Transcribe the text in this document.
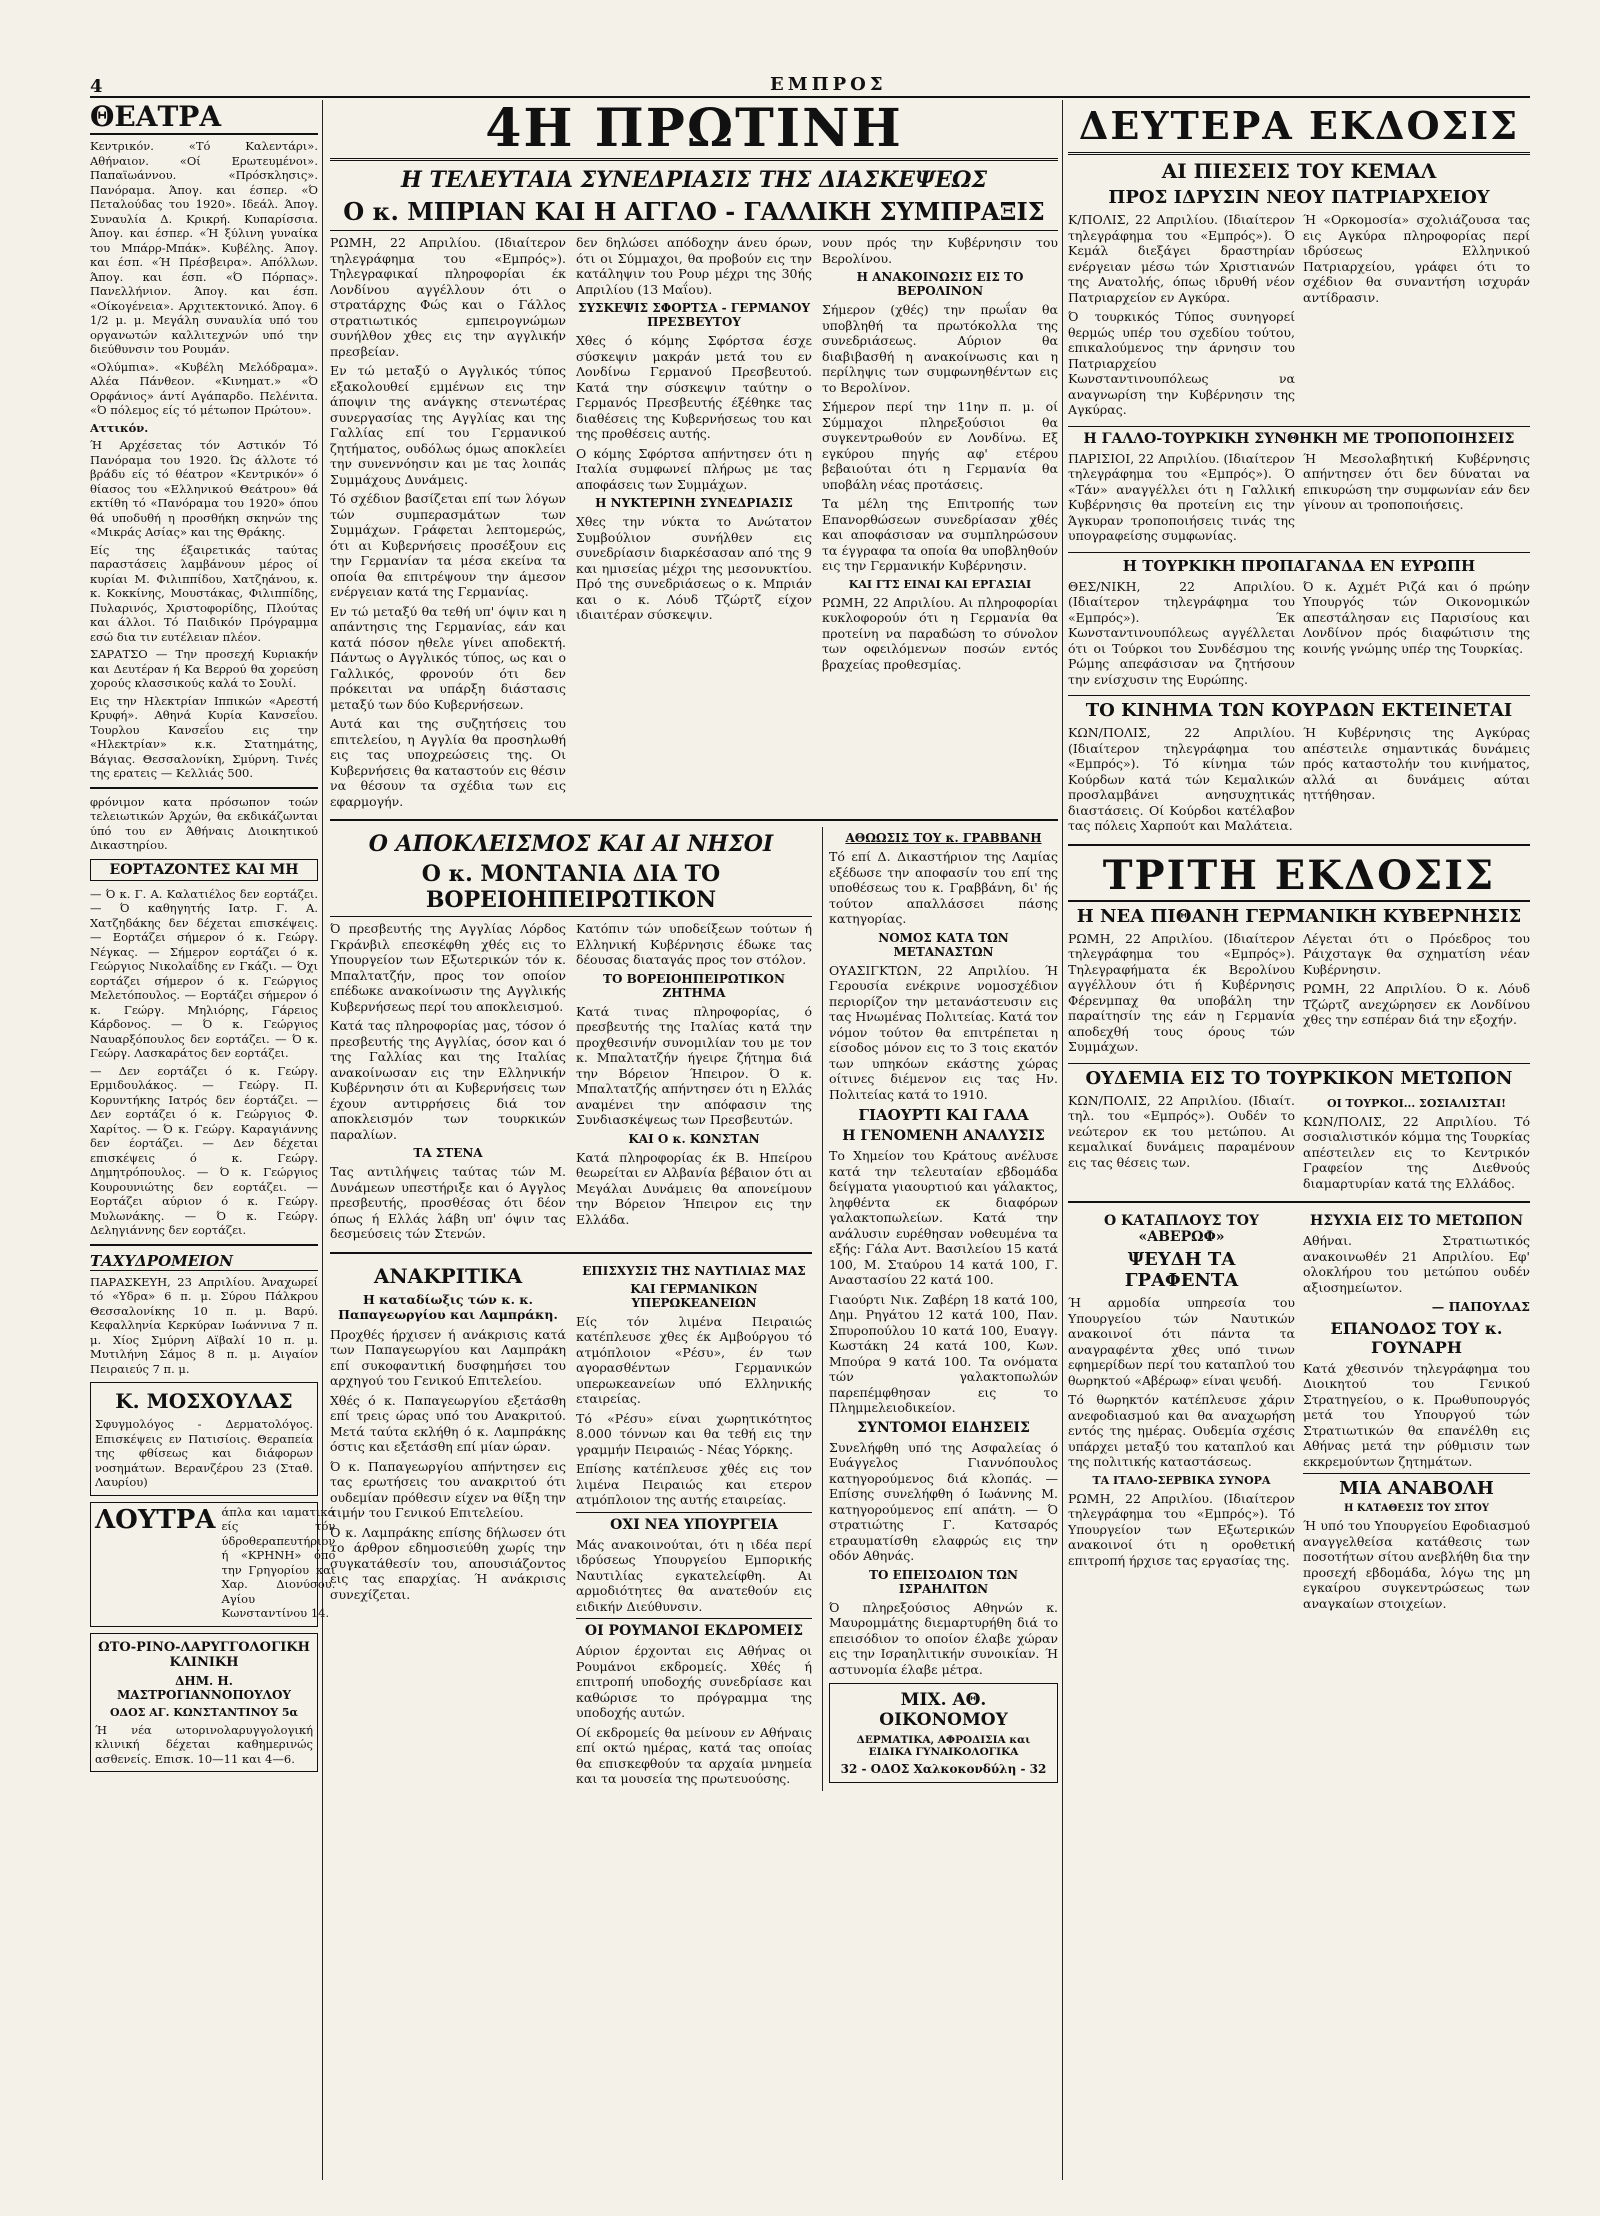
4	ΕΜΠΡΟΣ
ΘΕΑΤΡΑ

Κεντρικόν. «Τό Καλεντάρι». Αθήναιον. «Οί Ερωτευμένοι». Παπαϊωάννου. «Πρόσκλησις». Πανόραμα. Άπογ. και έσπερ. «Ό Πεταλούδας του 1920». Ιδεάλ. Άπογ. Συναυλία Δ. Κρικρή. Κυπαρίσσια. Άπογ. και έσπερ. «Ή ξύλινη γυναίκα του Μπάρρ-Μπάκ». Κυβέλης. Άπογ. και έσπ. «Ή Πρέσβειρα». Απόλλων. Άπογ. και έσπ. «Ό Πόρπας». Πανελλήνιον. Άπογ. και έσπ. «Οίκογένεια». Αρχιτεκτονικό. Άπογ. 6 1/2 μ. μ. Μεγάλη συναυλία υπό του οργανωτών καλλιτεχνών υπό την διεύθυνσιν του Ρουμάν.

«Ολύμπια». «Κυβέλη Μελόδραμα». Αλέα Πάνθεον. «Κινηματ.» «Ό Ορφάνιος» άντί Αγάπαρδο. Πελένιτα. «Ό πόλεμος είς τό μέτωπον Πρώτου».

Αττικόν.

Ή Αρχέσετας τόν Αστικόν Τό Πανόραμα του 1920. Ώς άλλοτε τό βράδυ είς τό θέατρον «Κεντρικόν» ό θίασος του «Ελληνικού Θεάτρου» θά εκτίθη τό «Πανόραμα του 1920» όπου θά υποδυθή η προσθήκη σκηνών της «Μικράς Ασίας» και της Θράκης.

Είς της έξαιρετικάς ταύτας παραστάσεις λαμβάνουν μέρος οί κυρίαι Μ. Φιλιππίδου, Χατζηάνου, κ. κ. Κοκκίνης, Μουστάκας, Φιλιππίδης, Πυλαρινός, Χριστοφορίδης, Πλούτας και άλλοι. Τό Παιδικόν Πρόγραμμα εσώ δια τιν ευτέλειαν πλέον.

ΣΑΡΑΤΣΟ — Την προσεχή Κυριακήν και Δευτέραν ή Κα Βερρού θα χορεύση χορούς κλασσικούς καλά το Σουλί.

Εις την Ηλεκτρίαν Ιππικών «Αρεστή Κρυφή». Αθηνά Κυρία Κανσεΐου. Τουρλου Κανσεΐου εις την «Ηλεκτρίαν» κ.κ. Στατημάτης, Βάγιας. Θεσσαλονίκη, Σμύρνη. Τινές της ερατεις — Κελλιάς 500.

φρόνιμον κατα πρόσωπον τοών τελειωτικών Άρχών, θα εκδικάζωνται ύπό του εν Άθήναις Διοικητικού Δικαστηρίου.

ΕΟΡΤΑΖΟΝΤΕΣ ΚΑΙ ΜΗ

— Ό κ. Γ. Α. Καλατιέλος δεν εορτάζει. — Ό καθηγητής Ιατρ. Γ. Α. Χατζηδάκης δεν δέχεται επισκέψεις. — Εορτάζει σήμερον ό κ. Γεώργ. Νέγκας. — Σήμερον εορτάζει ό κ. Γεώργιος Νικολαΐδης εν Γκάζι. — Όχι εορτάζει σήμερον ό κ. Γεώργιος Μελετόπουλος. — Εορτάζει σήμερον ό κ. Γεώργ. Μηλιόρης, Γάρειος Κάρδονος. — Ό κ. Γεώργιος Ναυαρξόπουλος δεν εορτάζει. — Ό κ. Γεώργ. Λασκαράτος δεν εορτάζει.

— Δεν εορτάζει ό κ. Γεώργ. Ερμιδουλάκος. — Γεώργ. Π. Κορυντήκης Ιατρός δεν έορτάζει. — Δεν εορτάζει ό κ. Γεώργιος Φ. Χαρίτος. — Ό κ. Γεώργ. Καραγιάννης δεν έορτάζει. — Δεν δέχεται επισκέψεις ό κ. Γεώργ. Δημητρόπουλος. — Ό κ. Γεώργιος Κουρουνιώτης δεν εορτάζει. — Εορτάζει αύριον ό κ. Γεώργ. Μυλωνάκης. — Ό κ. Γεώργ. Δεληγιάννης δεν εορτάζει.

ΤΑΧΥΔΡΟΜΕΙΟΝ

ΠΑΡΑΣΚΕΥΗ, 23 Απριλίου. Άναχωρεί τό «Υδρα» 6 π. μ. Σύρου Πάλκρου Θεσσαλονίκης 10 π. μ. Βαρύ. Κεφαλληνία Κερκύραν Ιωάννινα 7 π. μ. Χίος Σμύρνη Αϊβαλί 10 π. μ. Μυτιλήνη Σάμος 8 π. μ. Αιγαίον Πειραιεύς 7 π. μ.

Κ. ΜΟΣΧΟΥΛΑΣ

Σφυγμολόγος - Δερματολόγος. Επισκέψεις εν Πατισίοις. Θεραπεία της φθίσεως και διάφορων νοσημάτων. Βερανζέρου 23 (Σταθ. Λαυρίου)

ΛΟΥΤΡΑ άπλα και ιαματικά είς τόν ύδροθεραπευτήριον ή «ΚΡΗΝΗ» όπό την Γρηγορίου και Χαρ. Διονύσου. Αγίου Κωνσταντίνου 14.

ΩΤΟ-ΡΙΝΟ-ΛΑΡΥΓΓΟΛΟΓΙΚΗ ΚΛΙΝΙΚΗ
ΔΗΜ. Η. ΜΑΣΤΡΟΓΙΑΝΝΟΠΟΥΛΟΥ
ΟΔΟΣ ΑΓ. ΚΩΝΣΤΑΝΤΙΝΟΥ 5α

Ή νέα ωτορινολαρυγγολογική κλινική δέχεται καθημερινώς ασθενείς. Επισκ. 10—11 και 4—6.

4Η ΠΡΩΤΙΝΗ
Η ΤΕΛΕΥΤΑΙΑ ΣΥΝΕΔΡΙΑΣΙΣ ΤΗΣ ΔΙΑΣΚΕΨΕΩΣ
Ο κ. ΜΠΡΙΑΝ ΚΑΙ Η ΑΓΓΛΟ - ΓΑΛΛΙΚΗ ΣΥΜΠΡΑΞΙΣ

ΡΩΜΗ, 22 Απριλίου. (Ιδιαίτερον τηλεγράφημα του «Εμπρός»). Τηλεγραφικαί πληροφορίαι έκ Λονδίνου αγγέλλουν ότι ο στρατάρχης Φώς και ο Γάλλος στρατιωτικός εμπειρογνώμων συνήλθον χθες εις την αγγλικήν πρεσβείαν.

Εν τώ μεταξύ ο Αγγλικός τύπος εξακολουθεί εμμένων εις την άποψιν της ανάγκης στενωτέρας συνεργασίας της Αγγλίας και της Γαλλίας επί του Γερμανικού ζητήματος, ουδόλως όμως αποκλείει την συνεννόησιν και με τας λοιπάς Συμμάχους Δυνάμεις.

Τό σχέδιον βασίζεται επί των λόγων τών συμπερασμάτων των Συμμάχων. Γράφεται λεπτομερώς, ότι αι Κυβερνήσεις προσέξουν εις την Γερμανίαν τα μέσα εκείνα τα οποία θα επιτρέψουν την άμεσον ενέργειαν κατά της Γερμανίας.

Εν τώ μεταξύ θα τεθή υπ' όψιν και η απάντησις της Γερμανίας, εάν και κατά πόσον ηθελε γίνει αποδεκτή. Πάντως ο Αγγλικός τύπος, ως και ο Γαλλικός, φρονούν ότι δεν πρόκειται να υπάρξη διάστασις μεταξύ των δύο Κυβερνήσεων.

Αυτά και της συζητήσεις του επιτελείου, η Αγγλία θα προσηλωθή εις τας υποχρεώσεις της. Οι Κυβερνήσεις θα καταστούν εις θέσιν να θέσουν τα σχέδια των εις εφαρμογήν.

δεν δηλώσει απόδοχην άνευ όρων, ότι οι Σύμμαχοι, θα προβούν εις την κατάληψιν του Ρουρ μέχρι της 30ής Απριλίου (13 Μαΐου).

ΣΥΣΚΕΨΙΣ ΣΦΟΡΤΣΑ - ΓΕΡΜΑΝΟΥ ΠΡΕΣΒΕΥΤΟΥ

Χθες ό κόμης Σφόρτσα έσχε σύσκεψιν μακράν μετά του εν Λονδίνω Γερμανού Πρεσβευτού. Κατά την σύσκεψιν ταύτην ο Γερμανός Πρεσβευτής έξέθηκε τας διαθέσεις της Κυβερνήσεως του και της προθέσεις αυτής.

Ο κόμης Σφόρτσα απήντησεν ότι η Ιταλία συμφωνεί πλήρως με τας αποφάσεις των Συμμάχων.

Η ΝΥΚΤΕΡΙΝΗ ΣΥΝΕΔΡΙΑΣΙΣ

Χθες την νύκτα το Ανώτατον Συμβούλιον συνήλθεν εις συνεδρίασιν διαρκέσασαν από της 9 και ημισείας μέχρι της μεσονυκτίου. Πρό της συνεδριάσεως ο κ. Μπριάν και ο κ. Λόυδ Τζώρτζ είχον ιδιαιτέραν σύσκεψιν.

νουν πρός την Κυβέρνησιν του Βερολίνου.

Η ΑΝΑΚΟΙΝΩΣΙΣ ΕΙΣ ΤΟ ΒΕΡΟΛΙΝΟΝ

Σήμερον (χθές) την πρωΐαν θα υποβληθή τα πρωτόκολλα της συνεδριάσεως. Αύριον θα διαβιβασθή η ανακοίνωσις και η περίληψις των συμφωνηθέντων εις το Βερολίνον.

Σήμερον περί την 11ην π. μ. οί Σύμμαχοι πληρεξούσιοι θα συγκεντρωθούν εν Λονδίνω. Εξ εγκύρου πηγής αφ' ετέρου βεβαιούται ότι η Γερμανία θα υποβάλη νέας προτάσεις.

Τα μέλη της Επιτροπής των Επανορθώσεων συνεδρίασαν χθές και αποφάσισαν να συμπληρώσουν τα έγγραφα τα οποία θα υποβληθούν εις την Γερμανικήν Κυβέρνησιν.

ΚΑΙ ΓΤΣ ΕΙΝΑΙ ΚΑΙ ΕΡΓΑΣΙΑΙ

ΡΩΜΗ, 22 Απριλίου. Αι πληροφορίαι κυκλοφορούν ότι η Γερμανία θα προτείνη να παραδώση το σύνολον των οφειλόμενων ποσών εντός βραχείας προθεσμίας.

Ο ΑΠΟΚΛΕΙΣΜΟΣ ΚΑΙ ΑΙ ΝΗΣΟΙ
Ο κ. ΜΟΝΤΑΝΙΑ ΔΙΑ ΤΟ ΒΟΡΕΙΟΗΠΕΙΡΩΤΙΚΟΝ

Ό πρεσβευτής της Αγγλίας Λόρδος Γκράνβιλ επεσκέφθη χθές εις το Υπουργείον των Εξωτερικών τόν κ. Μπαλτατζήν, προς τον οποίον επέδωκε ανακοίνωσιν της Αγγλικής Κυβερνήσεως περί του αποκλεισμού.

Κατά τας πληροφορίας μας, τόσον ό πρεσβευτής της Αγγλίας, όσον και ό της Γαλλίας και της Ιταλίας ανακοίνωσαν εις την Ελληνικήν Κυβέρνησιν ότι αι Κυβερνήσεις των έχουν αντιρρήσεις διά τον αποκλεισμόν των τουρκικών παραλίων.

ΤΑ ΣΤΕΝΑ

Τας αντιλήψεις ταύτας τών Μ. Δυνάμεων υπεστήριξε και ό Αγγλος πρεσβευτής, προσθέσας ότι δέον όπως ή Ελλάς λάβη υπ' όψιν τας δεσμεύσεις τών Στενών.

Κατόπιν τών υποδείξεων τούτων ή Ελληνική Κυβέρνησις έδωκε τας δέουσας διαταγάς προς τον στόλον.

ΤΟ ΒΟΡΕΙΟΗΠΕΙΡΩΤΙΚΟΝ ΖΗΤΗΜΑ

Κατά τινας πληροφορίας, ό πρεσβευτής της Ιταλίας κατά την προχθεσινήν συνομιλίαν του με τον κ. Μπαλτατζήν ήγειρε ζήτημα διά την Βόρειον Ήπειρον. Ό κ. Μπαλτατζής απήντησεν ότι η Ελλάς αναμένει την απόφασιν της Συνδιασκέψεως των Πρεσβευτών.

ΚΑΙ Ο κ. ΚΩΝΣΤΑΝ

Κατά πληροφορίας έκ Β. Ηπείρου θεωρείται εν Αλβανία βέβαιον ότι αι Μεγάλαι Δυνάμεις θα απονείμουν την Βόρειον Ήπειρον εις την Ελλάδα.

ΑΝΑΚΡΙΤΙΚΑ

Η καταδίωξις τών κ. κ. Παπαγεωργίου και Λαμπράκη.

Προχθές ήρχισεν ή ανάκρισις κατά των Παπαγεωργίου και Λαμπράκη επί συκοφαντική δυσφημήσει του αρχηγού του Γενικού Επιτελείου.

Χθές ό κ. Παπαγεωργίου εξετάσθη επί τρεις ώρας υπό του Ανακριτού. Μετά ταύτα εκλήθη ό κ. Λαμπράκης όστις και εξετάσθη επί μίαν ώραν.

Ό κ. Παπαγεωργίου απήντησεν εις τας ερωτήσεις του ανακριτού ότι ουδεμίαν πρόθεσιν είχεν να θίξη την τιμήν του Γενικού Επιτελείου.

Ό κ. Λαμπράκης επίσης δήλωσεν ότι το άρθρον εδημοσιεύθη χωρίς την συγκατάθεσίν του, απουσιάζοντος εις τας επαρχίας. Ή ανάκρισις συνεχίζεται.

ΕΠΙΣΧΥΣΙΣ ΤΗΣ ΝΑΥΤΙΛΙΑΣ ΜΑΣ
ΚΑΙ ΓΕΡΜΑΝΙΚΩΝ ΥΠΕΡΩΚΕΑΝΕΙΩΝ

Είς τόν λιμένα Πειραιώς κατέπλευσε χθες έκ Αμβούργου τό ατμόπλοιον «Ρέσυ», έν των αγορασθέντων Γερμανικών υπερωκεανείων υπό Ελληνικής εταιρείας.

Τό «Ρέσυ» είναι χωρητικότητος 8.000 τόννων και θα τεθή εις την γραμμήν Πειραιώς - Νέας Υόρκης.

Επίσης κατέπλευσε χθές εις τον λιμένα Πειραιώς και ετερον ατμόπλοιον της αυτής εταιρείας.

ΟΧΙ ΝΕΑ ΥΠΟΥΡΓΕΙΑ

Μάς ανακοινούται, ότι η ιδέα περί ιδρύσεως Υπουργείου Εμπορικής Ναυτιλίας εγκατελείφθη. Αι αρμοδιότητες θα ανατεθούν εις ειδικήν Διεύθυνσιν.

ΟΙ ΡΟΥΜΑΝΟΙ ΕΚΔΡΟΜΕΙΣ

Αύριον έρχονται εις Αθήνας οι Ρουμάνοι εκδρομείς. Χθές ή επιτροπή υποδοχής συνεδρίασε και καθώρισε το πρόγραμμα της υποδοχής αυτών.

Οί εκδρομείς θα μείνουν εν Αθήναις επί οκτώ ημέρας, κατά τας οποίας θα επισκεφθούν τα αρχαία μνημεία και τα μουσεία της πρωτευούσης.

ΑΘΩΩΣΙΣ ΤΟΥ κ. ΓΡΑΒΒΑΝΗ

Τό επί Δ. Δικαστήριον της Λαμίας εξέδωσε την αποφασίν του επί της υποθέσεως του κ. Γραββάνη, δι' ής τούτον απαλλάσσει πάσης κατηγορίας.

ΝΟΜΟΣ ΚΑΤΑ ΤΩΝ ΜΕΤΑΝΑΣΤΩΝ

ΟΥΑΣΙΓΚΤΩΝ, 22 Απριλίου. Ή Γερουσία ενέκρινε νομοσχέδιον περιορίζον την μετανάστευσιν εις τας Ηνωμένας Πολιτείας. Κατά τον νόμον τούτον θα επιτρέπεται η είσοδος μόνον εις το 3 τοις εκατόν των υπηκόων εκάστης χώρας οίτινες διέμενον εις τας Ην. Πολιτείας κατά το 1910.

ΓΙΑΟΥΡΤΙ ΚΑΙ ΓΑΛΑ
Η ΓΕΝΟΜΕΝΗ ΑΝΑΛΥΣΙΣ

Το Χημείον του Κράτους ανέλυσε κατά την τελευταίαν εβδομάδα δείγματα γιαουρτιού και γάλακτος, ληφθέντα εκ διαφόρων γαλακτοπωλείων. Κατά την ανάλυσιν ευρέθησαν νοθευμένα τα εξής: Γάλα Αντ. Βασιλείου 15 κατά 100, Μ. Σταύρου 14 κατά 100, Γ. Αναστασίου 22 κατά 100.

Γιαούρτι Νικ. Ζαβέρη 18 κατά 100, Δημ. Ρηγάτου 12 κατά 100, Παν. Σπυροπούλου 10 κατά 100, Ευαγγ. Κωστάκη 24 κατά 100, Κων. Μπούρα 9 κατά 100. Τα ονόματα τών γαλακτοπωλών παρεπέμφθησαν εις το Πλημμελειοδικείον.

ΣΥΝΤΟΜΟΙ ΕΙΔΗΣΕΙΣ

Συνελήφθη υπό της Ασφαλείας ό Ευάγγελος Γιαννόπουλος κατηγορούμενος διά κλοπάς. — Επίσης συνελήφθη ό Ιωάννης Μ. κατηγορούμενος επί απάτη. — Ό στρατιώτης Γ. Κατσαρός ετραυματίσθη ελαφρώς εις την οδόν Αθηνάς.

ΤΟ ΕΠΕΙΣΟΔΙΟΝ ΤΩΝ ΙΣΡΑΗΛΙΤΩΝ

Ό πληρεξούσιος Αθηνών κ. Μαυρομμάτης διεμαρτυρήθη διά το επεισόδιον το οποίον έλαβε χώραν εις την Ισραηλιτικήν συνοικίαν. Ή αστυνομία έλαβε μέτρα.

ΜΙΧ. ΑΘ. ΟΙΚΟΝΟΜΟΥ
ΔΕΡΜΑΤΙΚΑ, ΑΦΡΟΔΙΣΙΑ και ΕΙΔΙΚΑ ΓΥΝΑΙΚΟΛΟΓΙΚΑ
32 - ΟΔΟΣ Χαλκοκονδύλη - 32
ΔΕΥΤΕΡΑ ΕΚΔΟΣΙΣ
ΑΙ ΠΙΕΣΕΙΣ ΤΟΥ ΚΕΜΑΛ
ΠΡΟΣ ΙΔΡΥΣΙΝ ΝΕΟΥ ΠΑΤΡΙΑΡΧΕΙΟΥ

Κ/ΠΟΛΙΣ, 22 Απριλίου. (Ιδιαίτερον τηλεγράφημα του «Εμπρός»). Ό Κεμάλ διεξάγει δραστηρίαν ενέργειαν μέσω τών Χριστιανών της Ανατολής, όπως ιδρυθή νέον Πατριαρχείον εν Αγκύρα.

Ό τουρκικός Τύπος συνηγορεί θερμώς υπέρ του σχεδίου τούτου, επικαλούμενος την άρνησιν του Πατριαρχείου Κωνσταντινουπόλεως να αναγνωρίση την Κυβέρνησιν της Αγκύρας.

Ή «Ορκομοσία» σχολιάζουσα τας εις Αγκύρα πληροφορίας περί ιδρύσεως Ελληνικού Πατριαρχείου, γράφει ότι το σχέδιον θα συναντήση ισχυράν αντίδρασιν.

Η ΓΑΛΛΟ-ΤΟΥΡΚΙΚΗ ΣΥΝΘΗΚΗ ΜΕ ΤΡΟΠΟΠΟΙΗΣΕΙΣ

ΠΑΡΙΣΙΟΙ, 22 Απριλίου. (Ιδιαίτερον τηλεγράφημα του «Εμπρός»). Ό «Τάν» αναγγέλλει ότι η Γαλλική Κυβέρνησις θα προτείνη εις την Άγκυραν τροποποιήσεις τινάς της υπογραφείσης συμφωνίας.

Ή Μεσολαβητική Κυβέρνησις απήντησεν ότι δεν δύναται να επικυρώση την συμφωνίαν εάν δεν γίνουν αι τροποποιήσεις.

Η ΤΟΥΡΚΙΚΗ ΠΡΟΠΑΓΑΝΔΑ ΕΝ ΕΥΡΩΠΗ

ΘΕΣ/ΝΙΚΗ, 22 Απριλίου. (Ιδιαίτερον τηλεγράφημα του «Εμπρός»). Έκ Κωνσταντινουπόλεως αγγέλλεται ότι οι Τούρκοι του Συνδέσμου της Ρώμης απεφάσισαν να ζητήσουν την ενίσχυσιν της Ευρώπης.

Ό κ. Αχμέτ Ριζά και ό πρώην Υπουργός τών Οικονομικών απεστάλησαν εις Παρισίους και Λονδίνον πρός διαφώτισιν της κοινής γνώμης υπέρ της Τουρκίας.

ΤΟ ΚΙΝΗΜΑ ΤΩΝ ΚΟΥΡΔΩΝ ΕΚΤΕΙΝΕΤΑΙ

ΚΩΝ/ΠΟΛΙΣ, 22 Απριλίου. (Ιδιαίτερον τηλεγράφημα του «Εμπρός»). Τό κίνημα τών Κούρδων κατά τών Κεμαλικών προσλαμβάνει ανησυχητικάς διαστάσεις. Οί Κούρδοι κατέλαβον τας πόλεις Χαρπούτ και Μαλάτεια.

Ή Κυβέρνησις της Αγκύρας απέστειλε σημαντικάς δυνάμεις πρός καταστολήν του κινήματος, αλλά αι δυνάμεις αύται ηττήθησαν.

ΤΡΙΤΗ ΕΚΔΟΣΙΣ
Η ΝΕΑ ΠΙΘΑΝΗ ΓΕΡΜΑΝΙΚΗ ΚΥΒΕΡΝΗΣΙΣ

ΡΩΜΗ, 22 Απριλίου. (Ιδιαίτερον τηλεγράφημα του «Εμπρός»). Τηλεγραφήματα έκ Βερολίνου αγγέλλουν ότι ή Κυβέρνησις Φέρενμπαχ θα υποβάλη την παραίτησίν της εάν η Γερμανία αποδεχθή τους όρους τών Συμμάχων.

Λέγεται ότι ο Πρόεδρος του Ράιχσταγκ θα σχηματίση νέαν Κυβέρνησιν.

ΡΩΜΗ, 22 Απριλίου. Ό κ. Λόυδ Τζώρτζ ανεχώρησεν εκ Λονδίνου χθες την εσπέραν διά την εξοχήν.

ΟΥΔΕΜΙΑ ΕΙΣ ΤΟ ΤΟΥΡΚΙΚΟΝ ΜΕΤΩΠΟΝ

ΚΩΝ/ΠΟΛΙΣ, 22 Απριλίου. (Ιδιαίτ. τηλ. του «Εμπρός»). Ουδέν το νεώτερον εκ του μετώπου. Αι κεμαλικαί δυνάμεις παραμένουν εις τας θέσεις των.

ΟΙ ΤΟΥΡΚΟΙ... ΣΟΣΙΑΛΙΣΤΑΙ!

ΚΩΝ/ΠΟΛΙΣ, 22 Απριλίου. Τό σοσιαλιστικόν κόμμα της Τουρκίας απέστειλεν εις το Κεντρικόν Γραφείον της Διεθνούς διαμαρτυρίαν κατά της Ελλάδος.

Ο ΚΑΤΑΠΛΟΥΣ ΤΟΥ «ΑΒΕΡΩΦ»
ΨΕΥΔΗ ΤΑ ΓΡΑΦΕΝΤΑ

Ή αρμοδία υπηρεσία του Υπουργείου τών Ναυτικών ανακοινοί ότι πάντα τα αναγραφέντα χθες υπό τινων εφημερίδων περί του καταπλού του θωρηκτού «Αβέρωφ» είναι ψευδή.

Τό θωρηκτόν κατέπλευσε χάριν ανεφοδιασμού και θα αναχωρήση εντός της ημέρας. Ουδεμία σχέσις υπάρχει μεταξύ του καταπλού και της πολιτικής καταστάσεως.

ΤΑ ΙΤΑΛΟ-ΣΕΡΒΙΚΑ ΣΥΝΟΡΑ

ΡΩΜΗ, 22 Απριλίου. (Ιδιαίτερον τηλεγράφημα του «Εμπρός»). Τό Υπουργείον των Εξωτερικών ανακοινοί ότι η οροθετική επιτροπή ήρχισε τας εργασίας της.

ΗΣΥΧΙΑ ΕΙΣ ΤΟ ΜΕΤΩΠΟΝ

Αθήναι. Στρατιωτικός ανακοινωθέν 21 Απριλίου. Εφ' ολοκλήρου του μετώπου ουδέν αξιοσημείωτον.

— ΠΑΠΟΥΛΑΣ

ΕΠΑΝΟΔΟΣ ΤΟΥ κ. ΓΟΥΝΑΡΗ

Κατά χθεσινόν τηλεγράφημα του Διοικητού του Γενικού Στρατηγείου, ο κ. Πρωθυπουργός μετά του Υπουργού τών Στρατιωτικών θα επανέλθη εις Αθήνας μετά την ρύθμισιν των εκκρεμούντων ζητημάτων.

ΜΙΑ ΑΝΑΒΟΛΗ
Η ΚΑΤΑΘΕΣΙΣ ΤΟΥ ΣΙΤΟΥ

Ή υπό του Υπουργείου Εφοδιασμού αναγγελθείσα κατάθεσις των ποσοτήτων σίτου ανεβλήθη δια την προσεχή εβδομάδα, λόγω της μη εγκαίρου συγκεντρώσεως των αναγκαίων στοιχείων.
